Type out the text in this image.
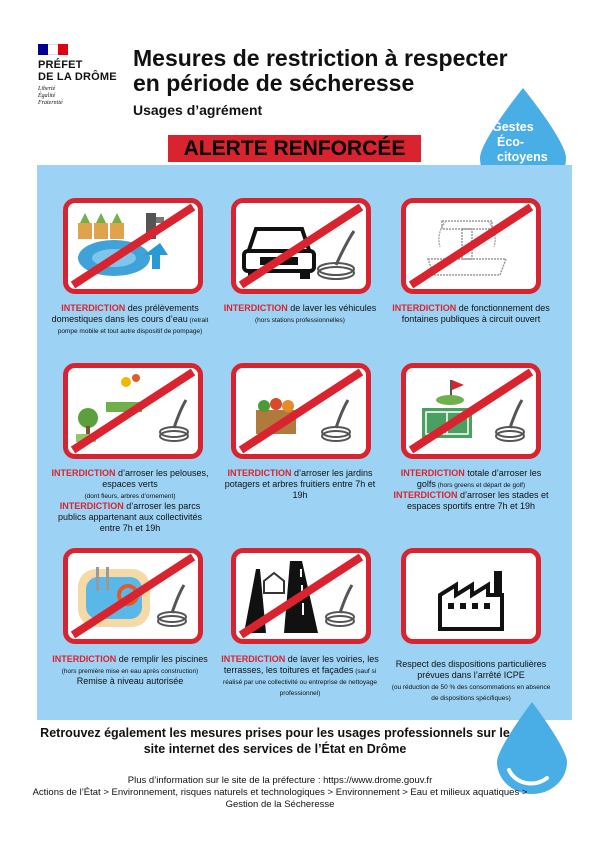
PRÉFET
DE LA DRÔME
Liberté
Égalité
Fraternité
Mesures de restriction à respecter
en période de sécheresse
Usages d’agrément
Gestes
Éco-
citoyens
ALERTE RENFORCÉE
INTERDICTION des prélèvements domestiques dans les cours d’eau (retrait pompe mobile et tout autre dispositif de pompage)
INTERDICTION de laver les véhicules
(hors stations professionnelles)
INTERDICTION de fonctionnement des fontaines publiques à circuit ouvert
INTERDICTION d’arroser les pelouses, espaces verts
(dont fleurs, arbres d’ornement)
INTERDICTION d’arroser les parcs publics appartenant aux collectivités entre 7h et 19h
INTERDICTION d’arroser les jardins potagers et arbres fruitiers entre 7h et 19h
INTERDICTION totale d’arroser les golfs (hors greens et départ de golf)
INTERDICTION d’arroser les stades et espaces sportifs entre 7h et 19h
INTERDICTION de remplir les piscines (hors première mise en eau après construction)
Remise à niveau autorisée
INTERDICTION de laver les voiries, les terrasses, les toitures et façades (sauf si réalisé par une collectivité ou entreprise de nettoyage professionnel)
Respect des dispositions particulières prévues dans l’arrêté ICPE
(ou réduction de 50 % des consommations en absence de dispositions spécifiques)
Retrouvez également les mesures prises pour les usages professionnels sur le site internet des services de l’État en Drôme
Plus d’information sur le site de la préfecture : https://www.drome.gouv.fr
Actions de l’État > Environnement, risques naturels et technologiques > Environnement > Eau et milieux aquatiques > Gestion de la Sécheresse
